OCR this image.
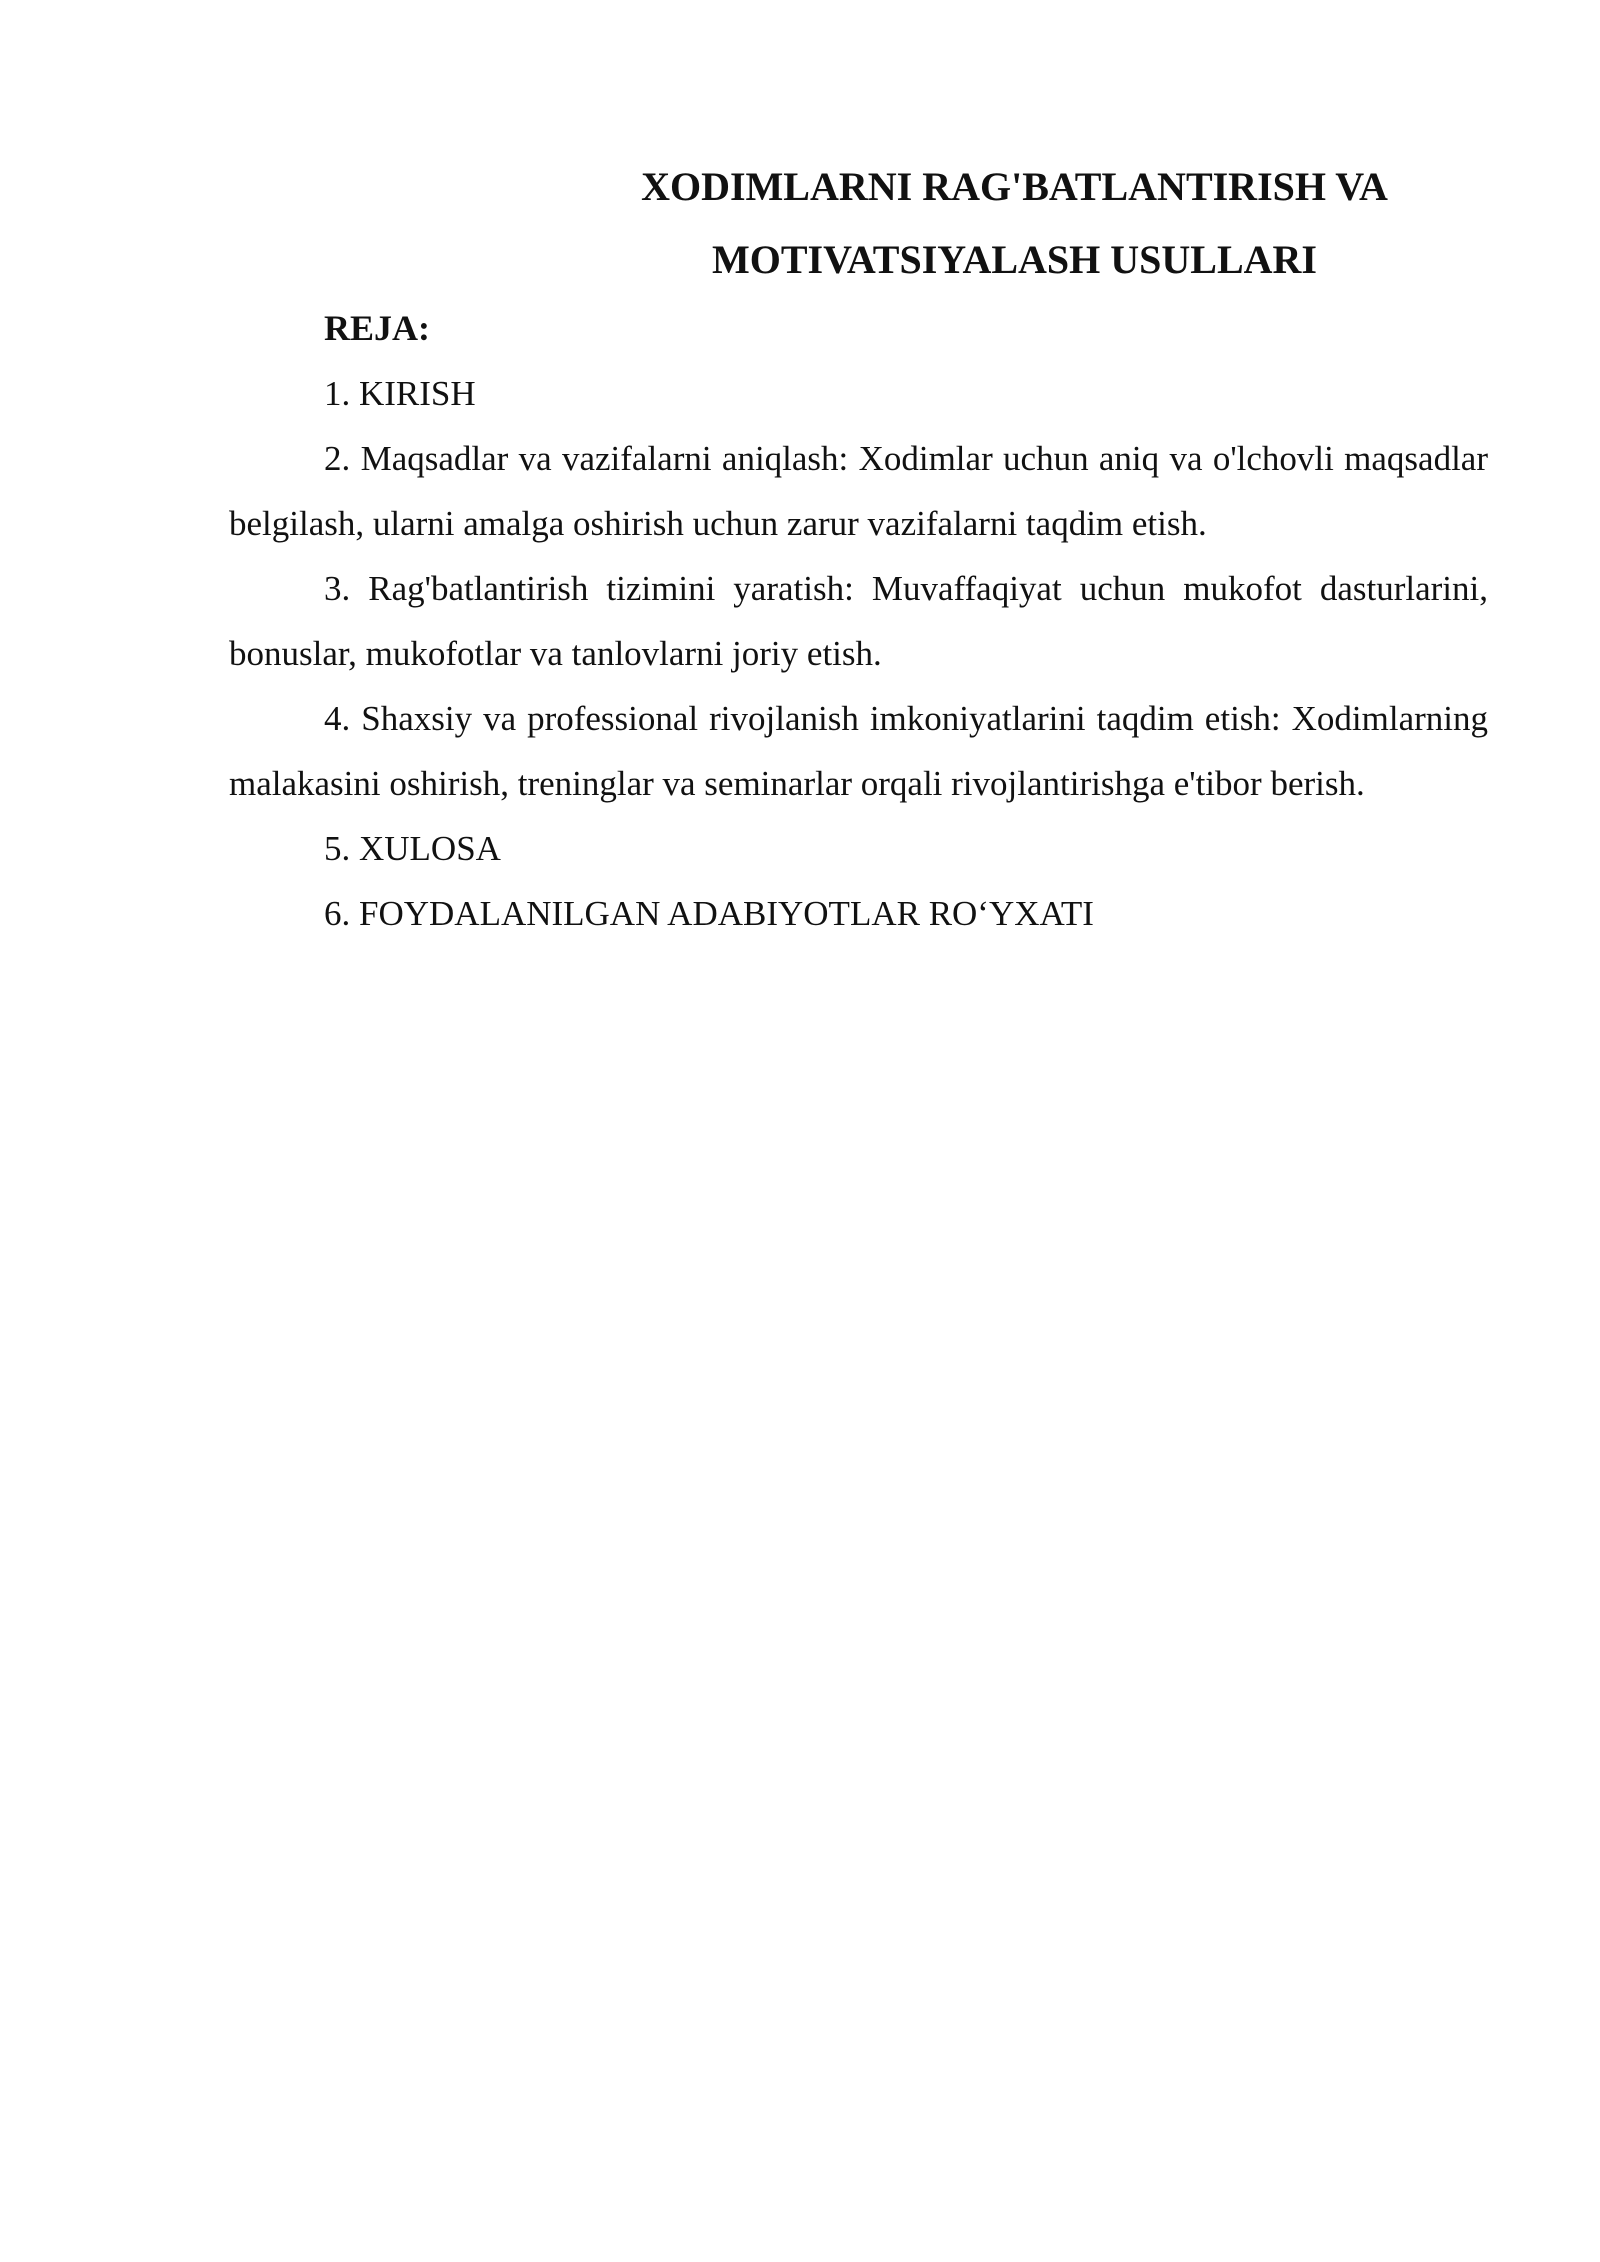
XODIMLARNI RAG'BATLANTIRISH VA
MOTIVATSIYALASH USULLARI

REJA:

1. KIRISH

2. Maqsadlar va vazifalarni aniqlash: Xodimlar uchun aniq va o'lchovli maqsadlar belgilash, ularni amalga oshirish uchun zarur vazifalarni taqdim etish.

3. Rag'batlantirish tizimini yaratish: Muvaffaqiyat uchun mukofot dasturlarini, bonuslar, mukofotlar va tanlovlarni joriy etish.

4. Shaxsiy va professional rivojlanish imkoniyatlarini taqdim etish: Xodimlarning malakasini oshirish, treninglar va seminarlar orqali rivojlantirishga e'tibor berish.

5. XULOSA

6. FOYDALANILGAN ADABIYOTLAR RO‘YXATI
